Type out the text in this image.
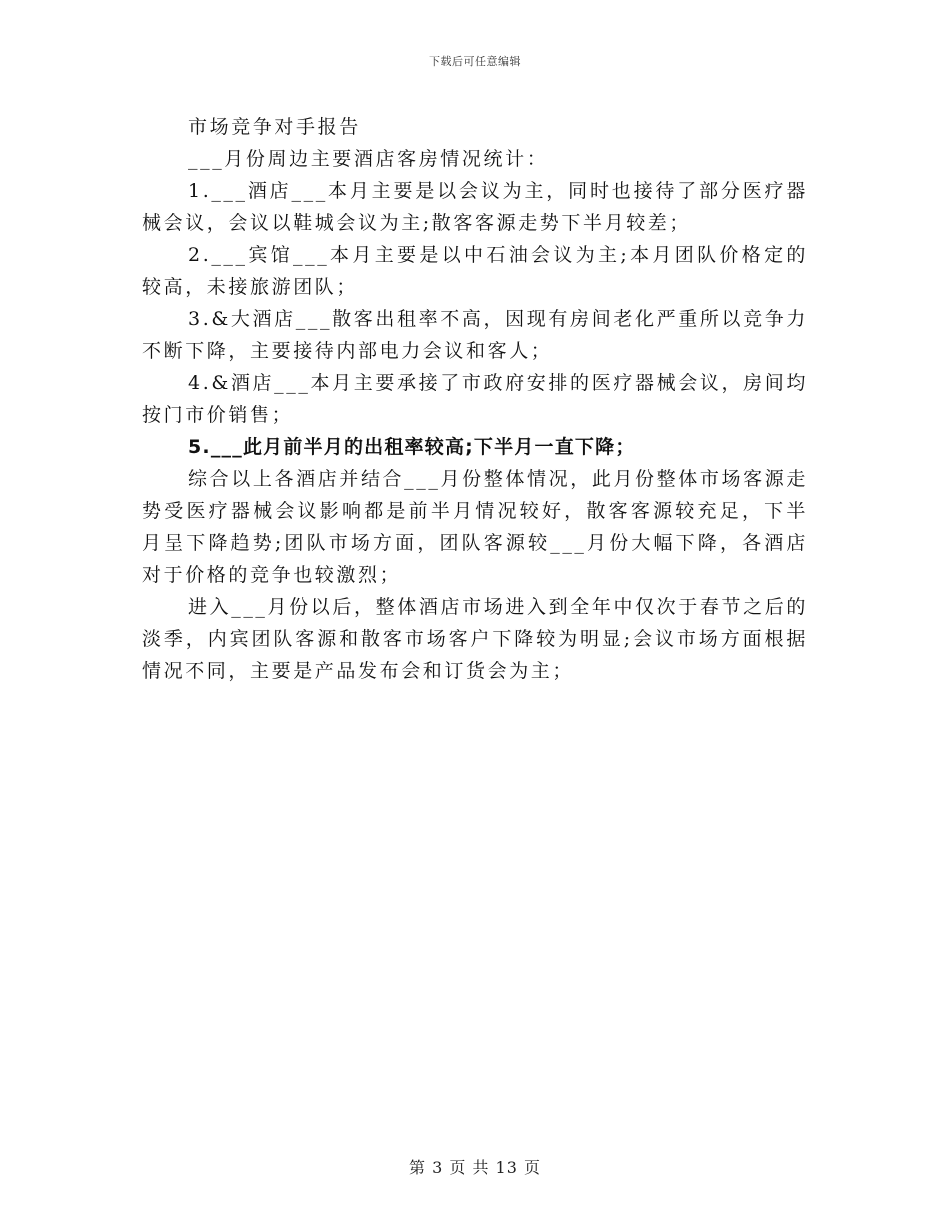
下载后可任意编辑

市场竞争对手报告

___月份周边主要酒店客房情况统计：

1.___酒店___本月主要是以会议为主，同时也接待了部分医疗器械会议，会议以鞋城会议为主;散客客源走势下半月较差；

2.___宾馆___本月主要是以中石油会议为主;本月团队价格定的较高，未接旅游团队；

3.&大酒店___散客出租率不高，因现有房间老化严重所以竞争力不断下降，主要接待内部电力会议和客人；

4.&酒店___本月主要承接了市政府安排的医疗器械会议，房间均按门市价销售；

5.___此月前半月的出租率较高;下半月一直下降；

综合以上各酒店并结合___月份整体情况，此月份整体市场客源走势受医疗器械会议影响都是前半月情况较好，散客客源较充足，下半月呈下降趋势;团队市场方面，团队客源较___月份大幅下降，各酒店对于价格的竞争也较激烈；

进入___月份以后，整体酒店市场进入到全年中仅次于春节之后的淡季，内宾团队客源和散客市场客户下降较为明显;会议市场方面根据情况不同，主要是产品发布会和订货会为主；

第 3 页 共 13 页
